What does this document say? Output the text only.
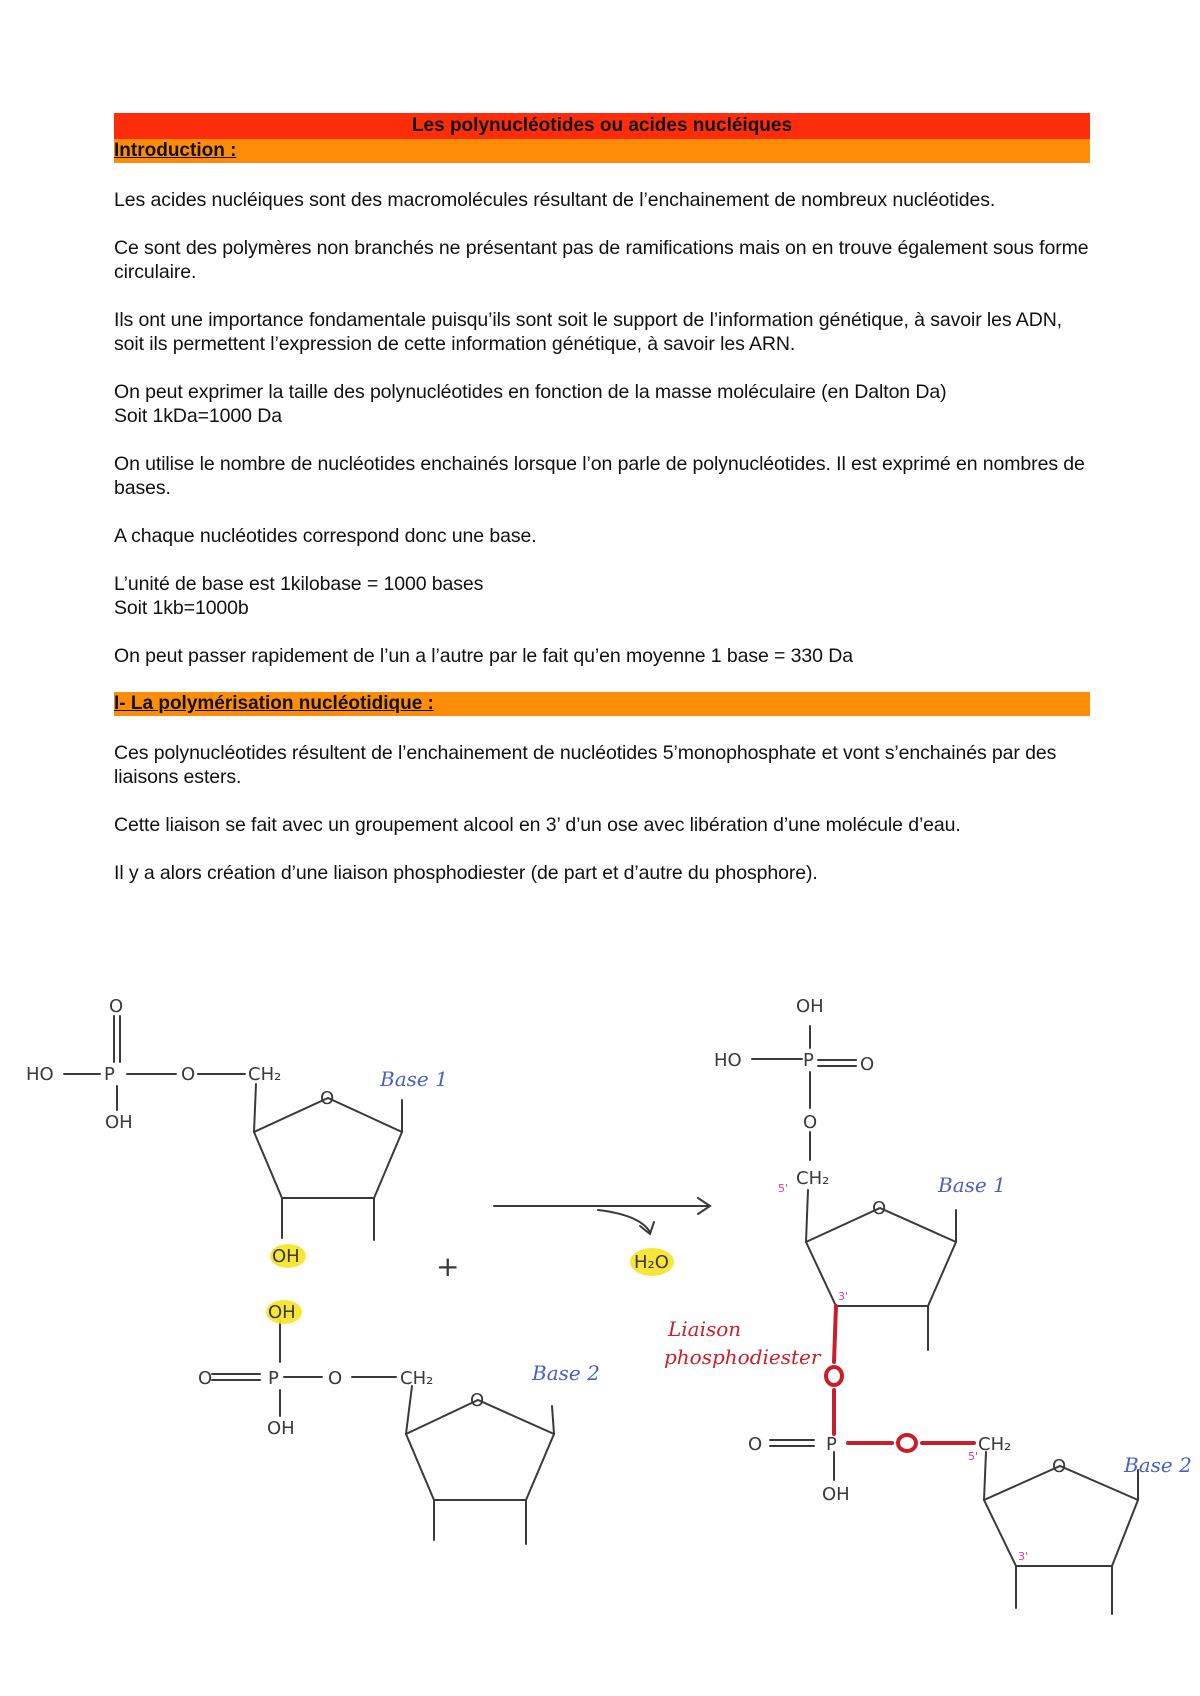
Les polynucléotides ou acides nucléiques
Introduction :

Les acides nucléiques sont des macromolécules résultant de l’enchainement de nombreux nucléotides.

Ce sont des polymères non branchés ne présentant pas de ramifications mais on en trouve également sous forme circulaire.

Ils ont une importance fondamentale puisqu’ils sont soit le support de l’information génétique, à savoir les ADN, soit ils permettent l’expression de cette information génétique, à savoir les ARN.

On peut exprimer la taille des polynucléotides en fonction de la masse moléculaire (en Dalton Da)

Soit 1kDa=1000 Da

On utilise le nombre de nucléotides enchainés lorsque l’on parle de polynucléotides. Il est exprimé en nombres de bases.

A chaque nucléotides correspond donc une base.

L’unité de base est 1kilobase = 1000 bases

Soit 1kb=1000b

On peut passer rapidement de l’un a l’autre par le fait qu’en moyenne 1 base = 330 Da

I- La polymérisation nucléotidique :

Ces polynucléotides résultent de l’enchainement de nucléotides 5’monophosphate et vont s’enchainés par des liaisons esters.

Cette liaison se fait avec un groupement alcool en 3’ d’un ose avec libération d’une molécule d’eau.

Il y a alors création d’une liaison phosphodiester (de part et d’autre du phosphore).

HO	P
O
OH
O	CH₂
O
OH	+	H₂O
OH
O	P	O	CH₂
OH
O
OH
HO	P	O
O
CH₂
O
O	P	CH₂
OH
O
Base 1
Base 2
Base 1
Base 2
Liaison
phosphodiester
5'
3'
5'
3'
